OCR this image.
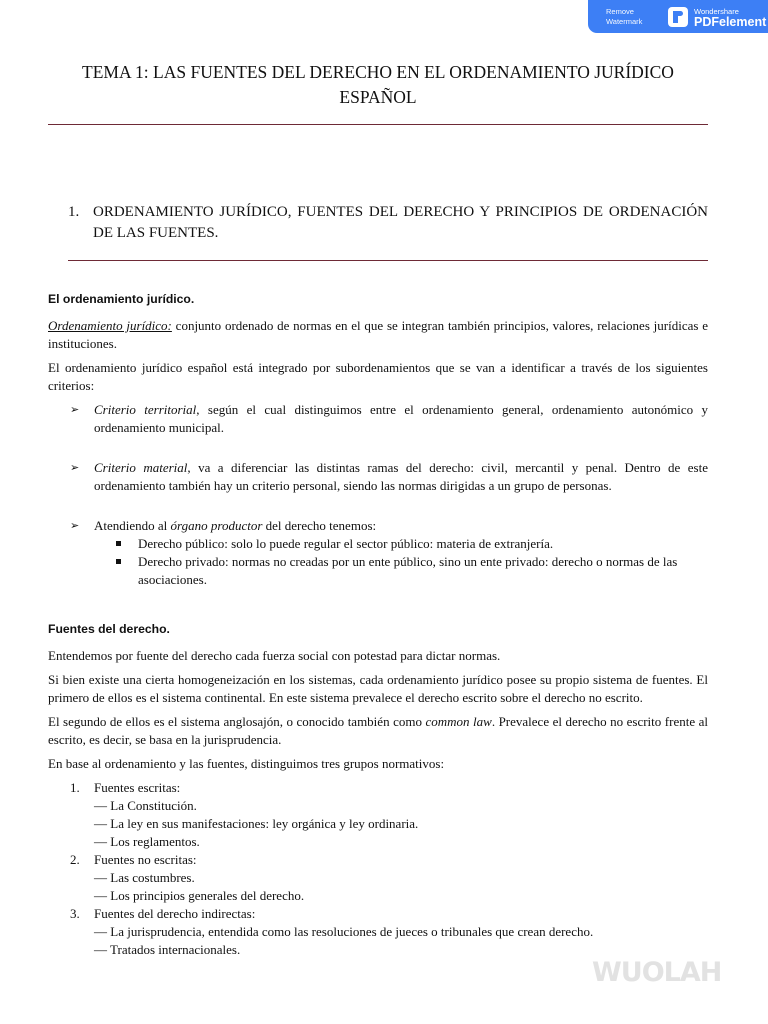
Remove Watermark
Wondershare
PDFelement
TEMA 1: LAS FUENTES DEL DERECHO EN EL ORDENAMIENTO JURÍDICO ESPAÑOL
1. ORDENAMIENTO JURÍDICO, FUENTES DEL DERECHO Y PRINCIPIOS DE ORDENACIÓN DE LAS FUENTES.
El ordenamiento jurídico.

Ordenamiento jurídico: conjunto ordenado de normas en el que se integran también principios, valores, relaciones jurídicas e instituciones.

El ordenamiento jurídico español está integrado por subordenamientos que se van a identificar a través de los siguientes criterios:

➢	Criterio territorial, según el cual distinguimos entre el ordenamiento general, ordenamiento autonómico y ordenamiento municipal.
➢	Criterio material, va a diferenciar las distintas ramas del derecho: civil, mercantil y penal. Dentro de este ordenamiento también hay un criterio personal, siendo las normas dirigidas a un grupo de personas.
➢	Atendiendo al órgano productor del derecho tenemos:
Derecho público: solo lo puede regular el sector público: materia de extranjería.
Derecho privado: normas no creadas por un ente público, sino un ente privado: derecho o normas de las asociaciones.
Fuentes del derecho.

Entendemos por fuente del derecho cada fuerza social con potestad para dictar normas.

Si bien existe una cierta homogeneización en los sistemas, cada ordenamiento jurídico posee su propio sistema de fuentes. El primero de ellos es el sistema continental. En este sistema prevalece el derecho escrito sobre el derecho no escrito.

El segundo de ellos es el sistema anglosajón, o conocido también como common law. Prevalece el derecho no escrito frente al escrito, es decir, se basa en la jurisprudencia.

En base al ordenamiento y las fuentes, distinguimos tres grupos normativos:

1.	Fuentes escritas:
— La Constitución.
— La ley en sus manifestaciones: ley orgánica y ley ordinaria.
— Los reglamentos.
2.	Fuentes no escritas:
— Las costumbres.
— Los principios generales del derecho.
3.	Fuentes del derecho indirectas:
— La jurisprudencia, entendida como las resoluciones de jueces o tribunales que crean derecho.
— Tratados internacionales.
WUOLAH
